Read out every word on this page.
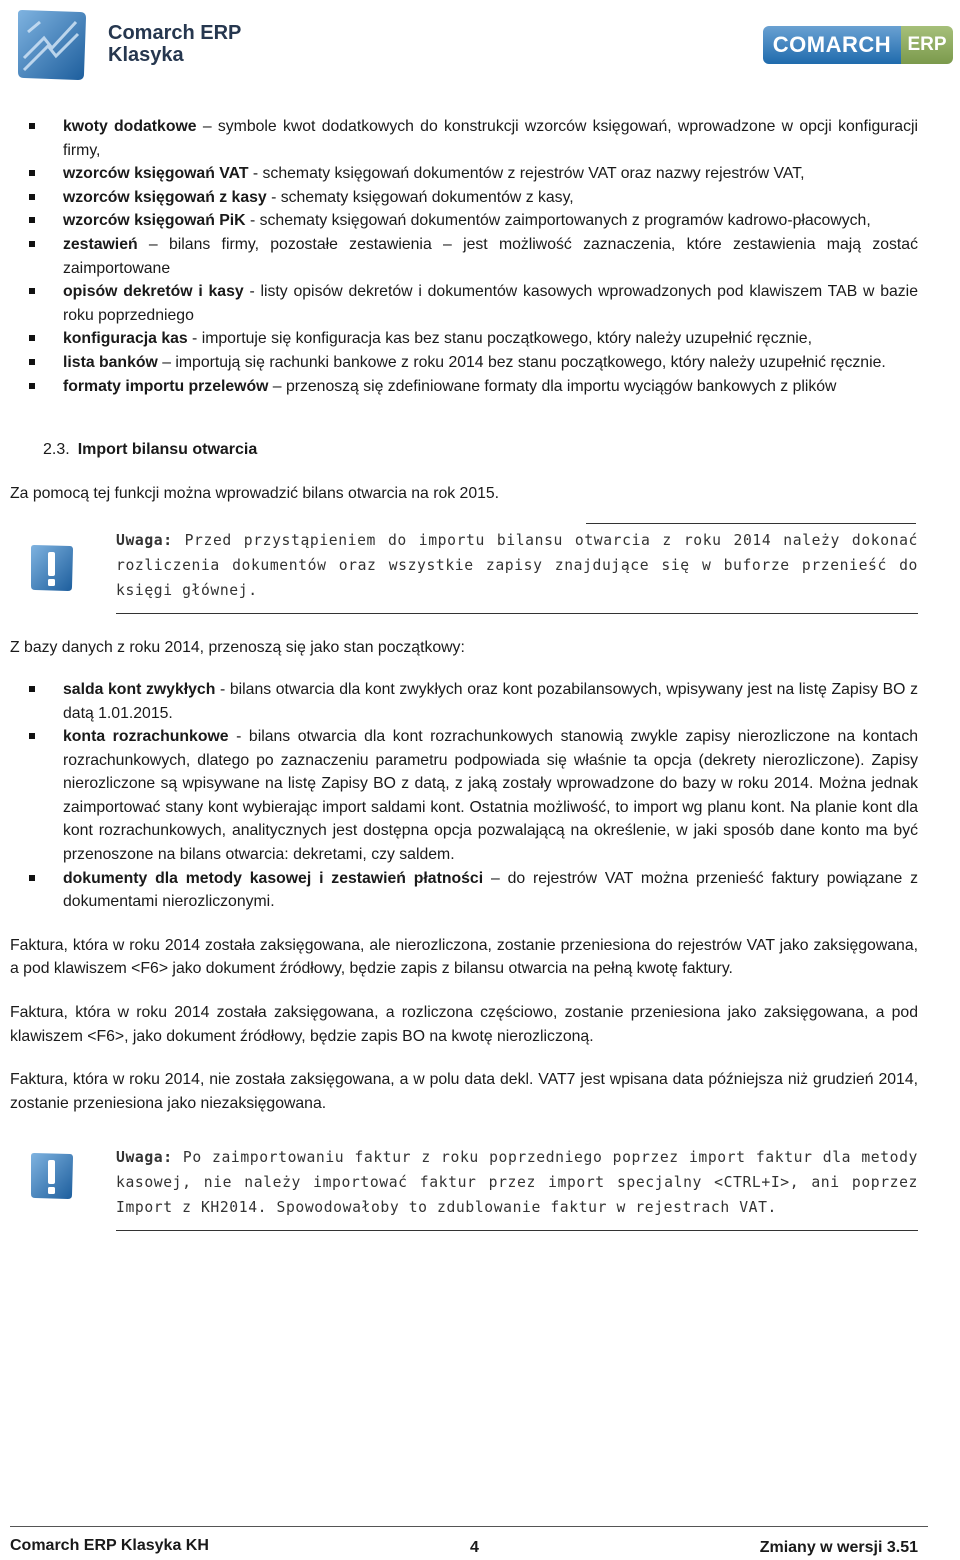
Comarch ERP
Klasyka	COMARCH ERP
kwoty dodatkowe – symbole kwot dodatkowych do konstrukcji wzorców księgowań, wprowadzone w opcji konfiguracji firmy,
wzorców księgowań VAT - schematy księgowań dokumentów z rejestrów VAT oraz nazwy rejestrów VAT,
wzorców księgowań z kasy - schematy księgowań dokumentów z kasy,
wzorców księgowań PiK - schematy księgowań dokumentów zaimportowanych z programów kadrowo-płacowych,
zestawień – bilans firmy, pozostałe zestawienia – jest możliwość zaznaczenia, które zestawienia mają zostać zaimportowane
opisów dekretów i kasy - listy opisów dekretów i dokumentów kasowych wprowadzonych pod klawiszem TAB w bazie roku poprzedniego
konfiguracja kas - importuje się konfiguracja kas bez stanu początkowego, który należy uzupełnić ręcznie,
lista banków – importują się rachunki bankowe z roku 2014 bez stanu początkowego, który należy uzupełnić ręcznie.
formaty importu przelewów – przenoszą się zdefiniowane formaty dla importu wyciągów bankowych z plików
2.3. Import bilansu otwarcia

Za pomocą tej funkcji można wprowadzić bilans otwarcia na rok 2015.

Uwaga: Przed przystąpieniem do importu bilansu otwarcia z roku 2014 należy dokonać rozliczenia dokumentów oraz wszystkie zapisy znajdujące się w buforze przenieść do księgi głównej.

Z bazy danych z roku 2014, przenoszą się jako stan początkowy:

salda kont zwykłych - bilans otwarcia dla kont zwykłych oraz kont pozabilansowych, wpisywany jest na listę Zapisy BO z datą 1.01.2015.
konta rozrachunkowe - bilans otwarcia dla kont rozrachunkowych stanowią zwykle zapisy nierozliczone na kontach rozrachunkowych, dlatego po zaznaczeniu parametru podpowiada się właśnie ta opcja (dekrety nierozliczone). Zapisy nierozliczone są wpisywane na listę Zapisy BO z datą, z jaką zostały wprowadzone do bazy w roku 2014. Można jednak zaimportować stany kont wybierając import saldami kont. Ostatnia możliwość, to import wg planu kont. Na planie kont dla kont rozrachunkowych, analitycznych jest dostępna opcja pozwalającą na określenie, w jaki sposób dane konto ma być przenoszone na bilans otwarcia: dekretami, czy saldem.
dokumenty dla metody kasowej i zestawień płatności – do rejestrów VAT można przenieść faktury powiązane z dokumentami nierozliczonymi.

Faktura, która w roku 2014 została zaksięgowana, ale nierozliczona, zostanie przeniesiona do rejestrów VAT jako zaksięgowana, a pod klawiszem <F6> jako dokument źródłowy, będzie zapis z bilansu otwarcia na pełną kwotę faktury.

Faktura, która w roku 2014 została zaksięgowana, a rozliczona częściowo, zostanie przeniesiona jako zaksięgowana, a pod klawiszem <F6>, jako dokument źródłowy, będzie zapis BO na kwotę nierozliczoną.

Faktura, która w roku 2014, nie została zaksięgowana, a w polu data dekl. VAT7 jest wpisana data późniejsza niż grudzień 2014, zostanie przeniesiona jako niezaksięgowana.

Uwaga: Po zaimportowaniu faktur z roku poprzedniego poprzez import faktur dla metody kasowej, nie należy importować faktur przez import specjalny <CTRL+I>, ani poprzez Import z KH2014. Spowodowałoby to zdublowanie faktur w rejestrach VAT.
Comarch ERP Klasyka KH	4	Zmiany w wersji 3.51
